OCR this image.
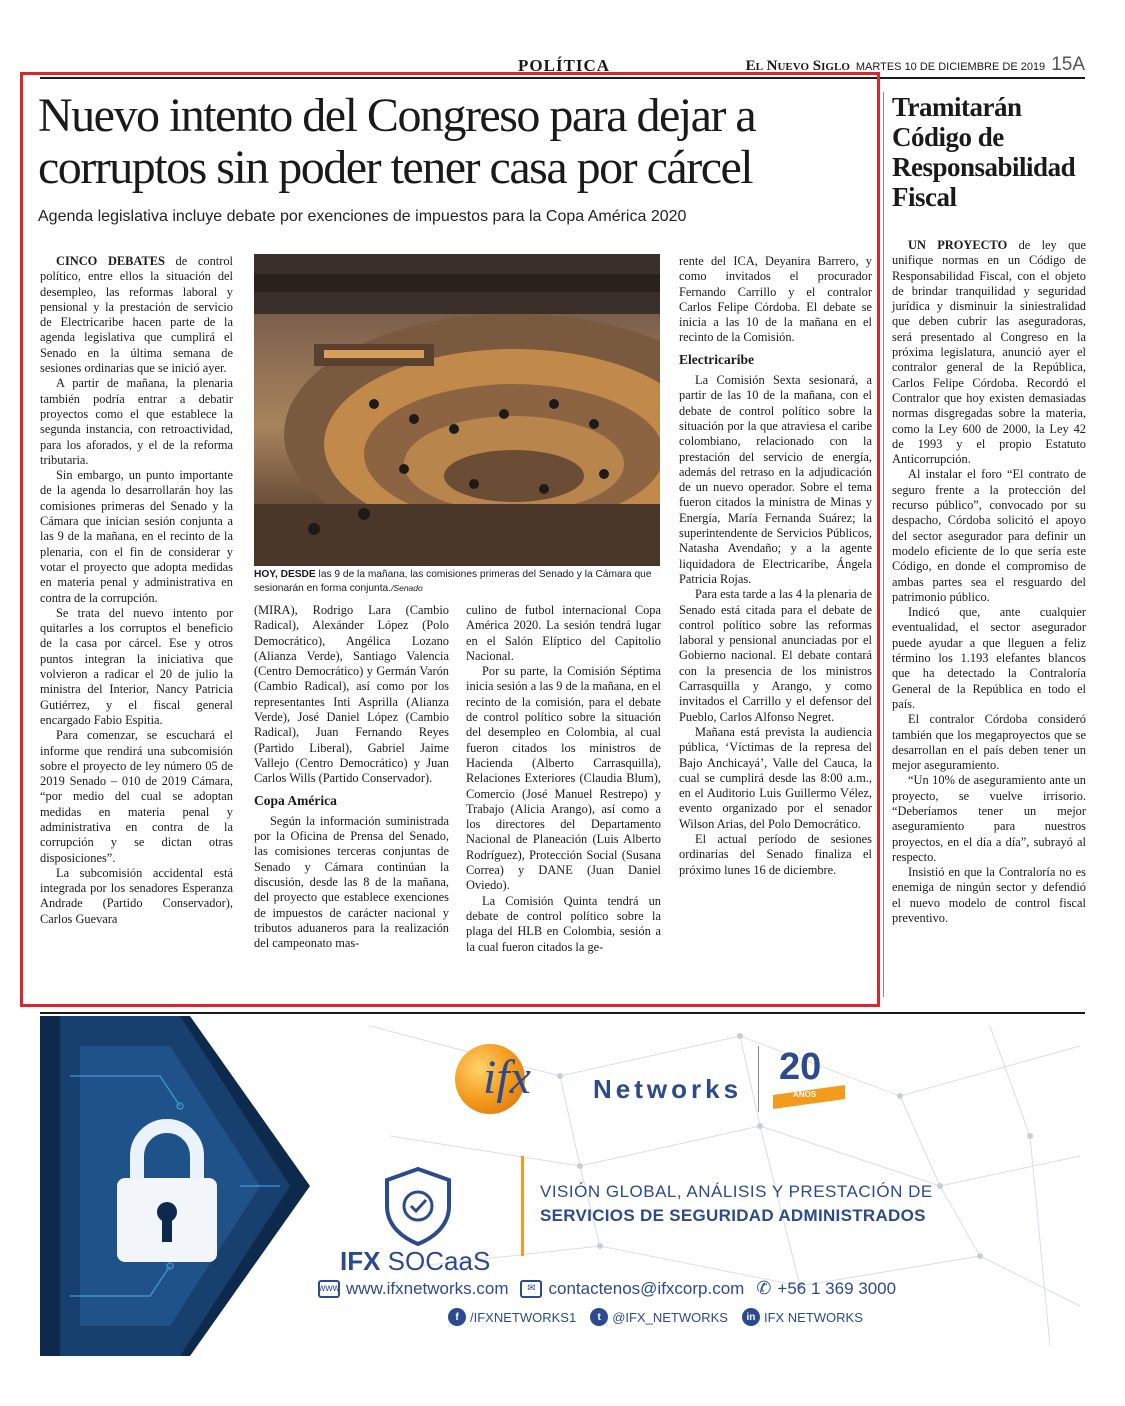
POLÍTICA	El Nuevo Siglo MARTES 10 DE DICIEMBRE DE 2019 15A
Nuevo intento del Congreso para dejar a corruptos sin poder tener casa por cárcel
Agenda legislativa incluye debate por exenciones de impuestos para la Copa América 2020

CINCO DEBATES de control político, entre ellos la situación del desempleo, las reformas laboral y pensional y la prestación de servicio de Electricaribe hacen parte de la agenda legislativa que cumplirá el Senado en la última semana de sesiones ordinarias que se inició ayer.

A partir de mañana, la plenaria también podría entrar a debatir proyectos como el que establece la segunda instancia, con retroactividad, para los aforados, y el de la reforma tributaria.

Sin embargo, un punto importante de la agenda lo desarrollarán hoy las comisiones primeras del Senado y la Cámara que inician sesión conjunta a las 9 de la mañana, en el recinto de la plenaria, con el fin de considerar y votar el proyecto que adopta medidas en materia penal y administrativa en contra de la corrupción.

Se trata del nuevo intento por quitarles a los corruptos el beneficio de la casa por cárcel. Ese y otros puntos integran la iniciativa que volvieron a radicar el 20 de julio la ministra del Interior, Nancy Patricia Gutiérrez, y el fiscal general encargado Fabio Espitia.

Para comenzar, se escuchará el informe que rendirá una subcomisión sobre el proyecto de ley número 05 de 2019 Senado – 010 de 2019 Cámara, “por medio del cual se adoptan medidas en materia penal y administrativa en contra de la corrupción y se dictan otras disposiciones”.

La subcomisión accidental está integrada por los senadores Esperanza Andrade (Partido Conservador), Carlos Guevara

HOY, DESDE las 9 de la mañana, las comisiones primeras del Senado y la Cámara que sesionarán en forma conjunta./Senado

(MIRA), Rodrigo Lara (Cambio Radical), Alexánder López (Polo Democrático), Angélica Lozano (Alianza Verde), Santiago Valencia (Centro Democrático) y Germán Varón (Cambio Radical), así como por los representantes Inti Asprilla (Alianza Verde), José Daniel López (Cambio Radical), Juan Fernando Reyes (Partido Liberal), Gabriel Jaime Vallejo (Centro Democrático) y Juan Carlos Wills (Partido Conservador).

Copa América

Según la información suministrada por la Oficina de Prensa del Senado, las comisiones terceras conjuntas de Senado y Cámara continúan la discusión, desde las 8 de la mañana, del proyecto que establece exenciones de impuestos de carácter nacional y tributos aduaneros para la realización del campeonato mas-

culino de futbol internacional Copa América 2020. La sesión tendrá lugar en el Salón Elíptico del Capitolio Nacional.

Por su parte, la Comisión Séptima inicia sesión a las 9 de la mañana, en el recinto de la comisión, para el debate de control político sobre la situación del desempleo en Colombia, al cual fueron citados los ministros de Hacienda (Alberto Carrasquilla), Relaciones Exteriores (Claudia Blum), Comercio (José Manuel Restrepo) y Trabajo (Alicia Arango), así como a los directores del Departamento Nacional de Planeación (Luis Alberto Rodríguez), Protección Social (Susana Correa) y DANE (Juan Daniel Oviedo).

La Comisión Quinta tendrá un debate de control político sobre la plaga del HLB en Colombia, sesión a la cual fueron citados la ge-

rente del ICA, Deyanira Barrero, y como invitados el procurador Fernando Carrillo y el contralor Carlos Felipe Córdoba. El debate se inicia a las 10 de la mañana en el recinto de la Comisión.

Electricaribe

La Comisión Sexta sesionará, a partir de las 10 de la mañana, con el debate de control político sobre la situación por la que atraviesa el caribe colombiano, relacionado con la prestación del servicio de energía, además del retraso en la adjudicación de un nuevo operador. Sobre el tema fueron citados la ministra de Minas y Energía, María Fernanda Suárez; la superintendente de Servicios Públicos, Natasha Avendaño; y a la agente liquidadora de Electricaribe, Ángela Patricia Rojas.

Para esta tarde a las 4 la plenaria de Senado está citada para el debate de control político sobre las reformas laboral y pensional anunciadas por el Gobierno nacional. El debate contará con la presencia de los ministros Carrasquilla y Arango, y como invitados el Carrillo y el defensor del Pueblo, Carlos Alfonso Negret.

Mañana está prevista la audiencia pública, ‘Víctimas de la represa del Bajo Anchicayá’, Valle del Cauca, la cual se cumplirá desde las 8:00 a.m., en el Auditorio Luis Guillermo Vélez, evento organizado por el senador Wilson Arias, del Polo Democrático.

El actual período de sesiones ordinarias del Senado finaliza el próximo lunes 16 de diciembre.

Tramitarán Código de Responsabilidad Fiscal

UN PROYECTO de ley que unifique normas en un Código de Responsabilidad Fiscal, con el objeto de brindar tranquilidad y seguridad jurídica y disminuir la siniestralidad que deben cubrir las aseguradoras, será presentado al Congreso en la próxima legislatura, anunció ayer el contralor general de la República, Carlos Felipe Córdoba. Recordó el Contralor que hoy existen demasiadas normas disgregadas sobre la materia, como la Ley 600 de 2000, la Ley 42 de 1993 y el propio Estatuto Anticorrupción.

Al instalar el foro “El contrato de seguro frente a la protección del recurso público”, convocado por su despacho, Córdoba solicitó el apoyo del sector asegurador para definir un modelo eficiente de lo que sería este Código, en donde el compromiso de ambas partes sea el resguardo del patrimonio público.

Indicó que, ante cualquier eventualidad, el sector asegurador puede ayudar a que lleguen a feliz término los 1.193 elefantes blancos que ha detectado la Contraloría General de la República en todo el país.

El contralor Córdoba consideró también que los megaproyectos que se desarrollan en el país deben tener un mejor aseguramiento.

“Un 10% de aseguramiento ante un proyecto, se vuelve irrisorio. “Deberíamos tener un mejor aseguramiento para nuestros proyectos, en el día a día”, subrayó al respecto.

Insistió en que la Contraloría no es enemiga de ningún sector y defendió el nuevo modelo de control fiscal preventivo.

ifx Networks
20
AÑOS
IFX SOCaaS
VISIÓN GLOBAL, ANÁLISIS Y PRESTACIÓN DE
SERVICIOS DE SEGURIDAD ADMINISTRADOS
www www.ifxnetworks.com	✉ contactenos@ifxcorp.com ✆ +56 1 369 3000
f /IFXNETWORKS1	t @IFX_NETWORKS	in IFX NETWORKS
